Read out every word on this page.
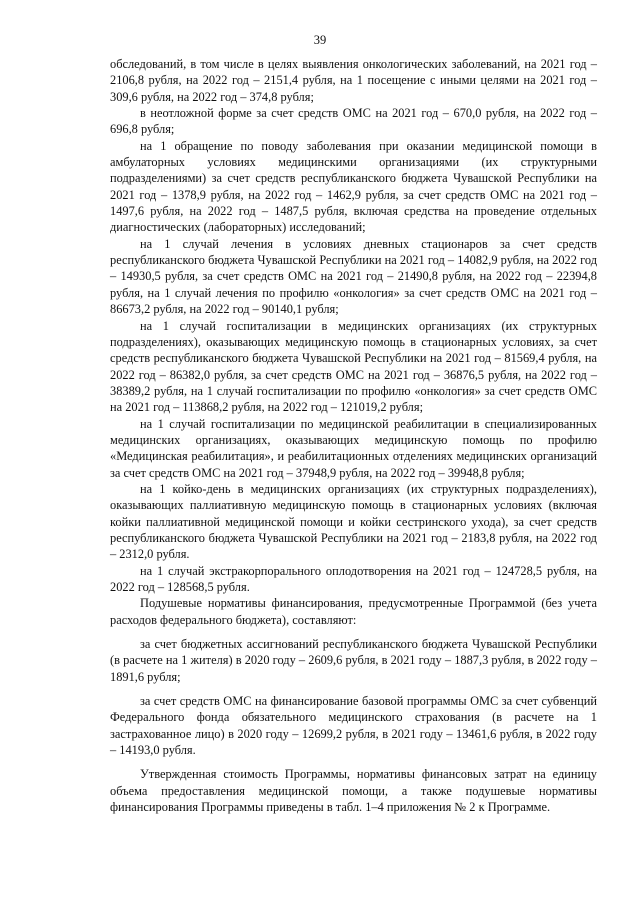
39

обследований, в том числе в целях выявления онкологических заболеваний, на 2021 год – 2106,8 рубля, на 2022 год – 2151,4 рубля, на 1 посещение с иными целями на 2021 год – 309,6 рубля, на 2022 год – 374,8 рубля;

в неотложной форме за счет средств ОМС на 2021 год – 670,0 рубля, на 2022 год – 696,8 рубля;

на 1 обращение по поводу заболевания при оказании медицинской помощи в амбулаторных условиях медицинскими организациями (их структурными подразделениями) за счет средств республиканского бюджета Чувашской Республики на 2021 год – 1378,9 рубля, на 2022 год – 1462,9 рубля, за счет средств ОМС на 2021 год – 1497,6 рубля, на 2022 год – 1487,5 рубля, включая средства на проведение отдельных диагностических (лабораторных) исследований;

на 1 случай лечения в условиях дневных стационаров за счет средств республиканского бюджета Чувашской Республики на 2021 год – 14082,9 рубля, на 2022 год – 14930,5 рубля, за счет средств ОМС на 2021 год – 21490,8 рубля, на 2022 год – 22394,8 рубля, на 1 случай лечения по профилю «онкология» за счет средств ОМС на 2021 год – 86673,2 рубля, на 2022 год – 90140,1 рубля;

на 1 случай госпитализации в медицинских организациях (их структурных подразделениях), оказывающих медицинскую помощь в стационарных условиях, за счет средств республиканского бюджета Чувашской Республики на 2021 год – 81569,4 рубля, на 2022 год – 86382,0 рубля, за счет средств ОМС на 2021 год – 36876,5 рубля, на 2022 год – 38389,2 рубля, на 1 случай госпитализации по профилю «онкология» за счет средств ОМС на 2021 год – 113868,2 рубля, на 2022 год – 121019,2 рубля;

на 1 случай госпитализации по медицинской реабилитации в специализированных медицинских организациях, оказывающих медицинскую помощь по профилю «Медицинская реабилитация», и реабилитационных отделениях медицинских организаций за счет средств ОМС на 2021 год – 37948,9 рубля, на 2022 год – 39948,8 рубля;

на 1 койко-день в медицинских организациях (их структурных подразделениях), оказывающих паллиативную медицинскую помощь в стационарных условиях (включая койки паллиативной медицинской помощи и койки сестринского ухода), за счет средств республиканского бюджета Чувашской Республики на 2021 год – 2183,8 рубля, на 2022 год – 2312,0 рубля.

на 1 случай экстракорпорального оплодотворения на 2021 год – 124728,5 рубля, на 2022 год – 128568,5 рубля.

Подушевые нормативы финансирования, предусмотренные Программой (без учета расходов федерального бюджета), составляют:

за счет бюджетных ассигнований республиканского бюджета Чувашской Республики (в расчете на 1 жителя) в 2020 году – 2609,6 рубля, в 2021 году – 1887,3 рубля, в 2022 году – 1891,6 рубля;

за счет средств ОМС на финансирование базовой программы ОМС за счет субвенций Федерального фонда обязательного медицинского страхования (в расчете на 1 застрахованное лицо) в 2020 году – 12699,2 рубля, в 2021 году – 13461,6 рубля, в 2022 году – 14193,0 рубля.

Утвержденная стоимость Программы, нормативы финансовых затрат на единицу объема предоставления медицинской помощи, а также подушевые нормативы финансирования Программы приведены в табл. 1–4 приложения № 2 к Программе.
